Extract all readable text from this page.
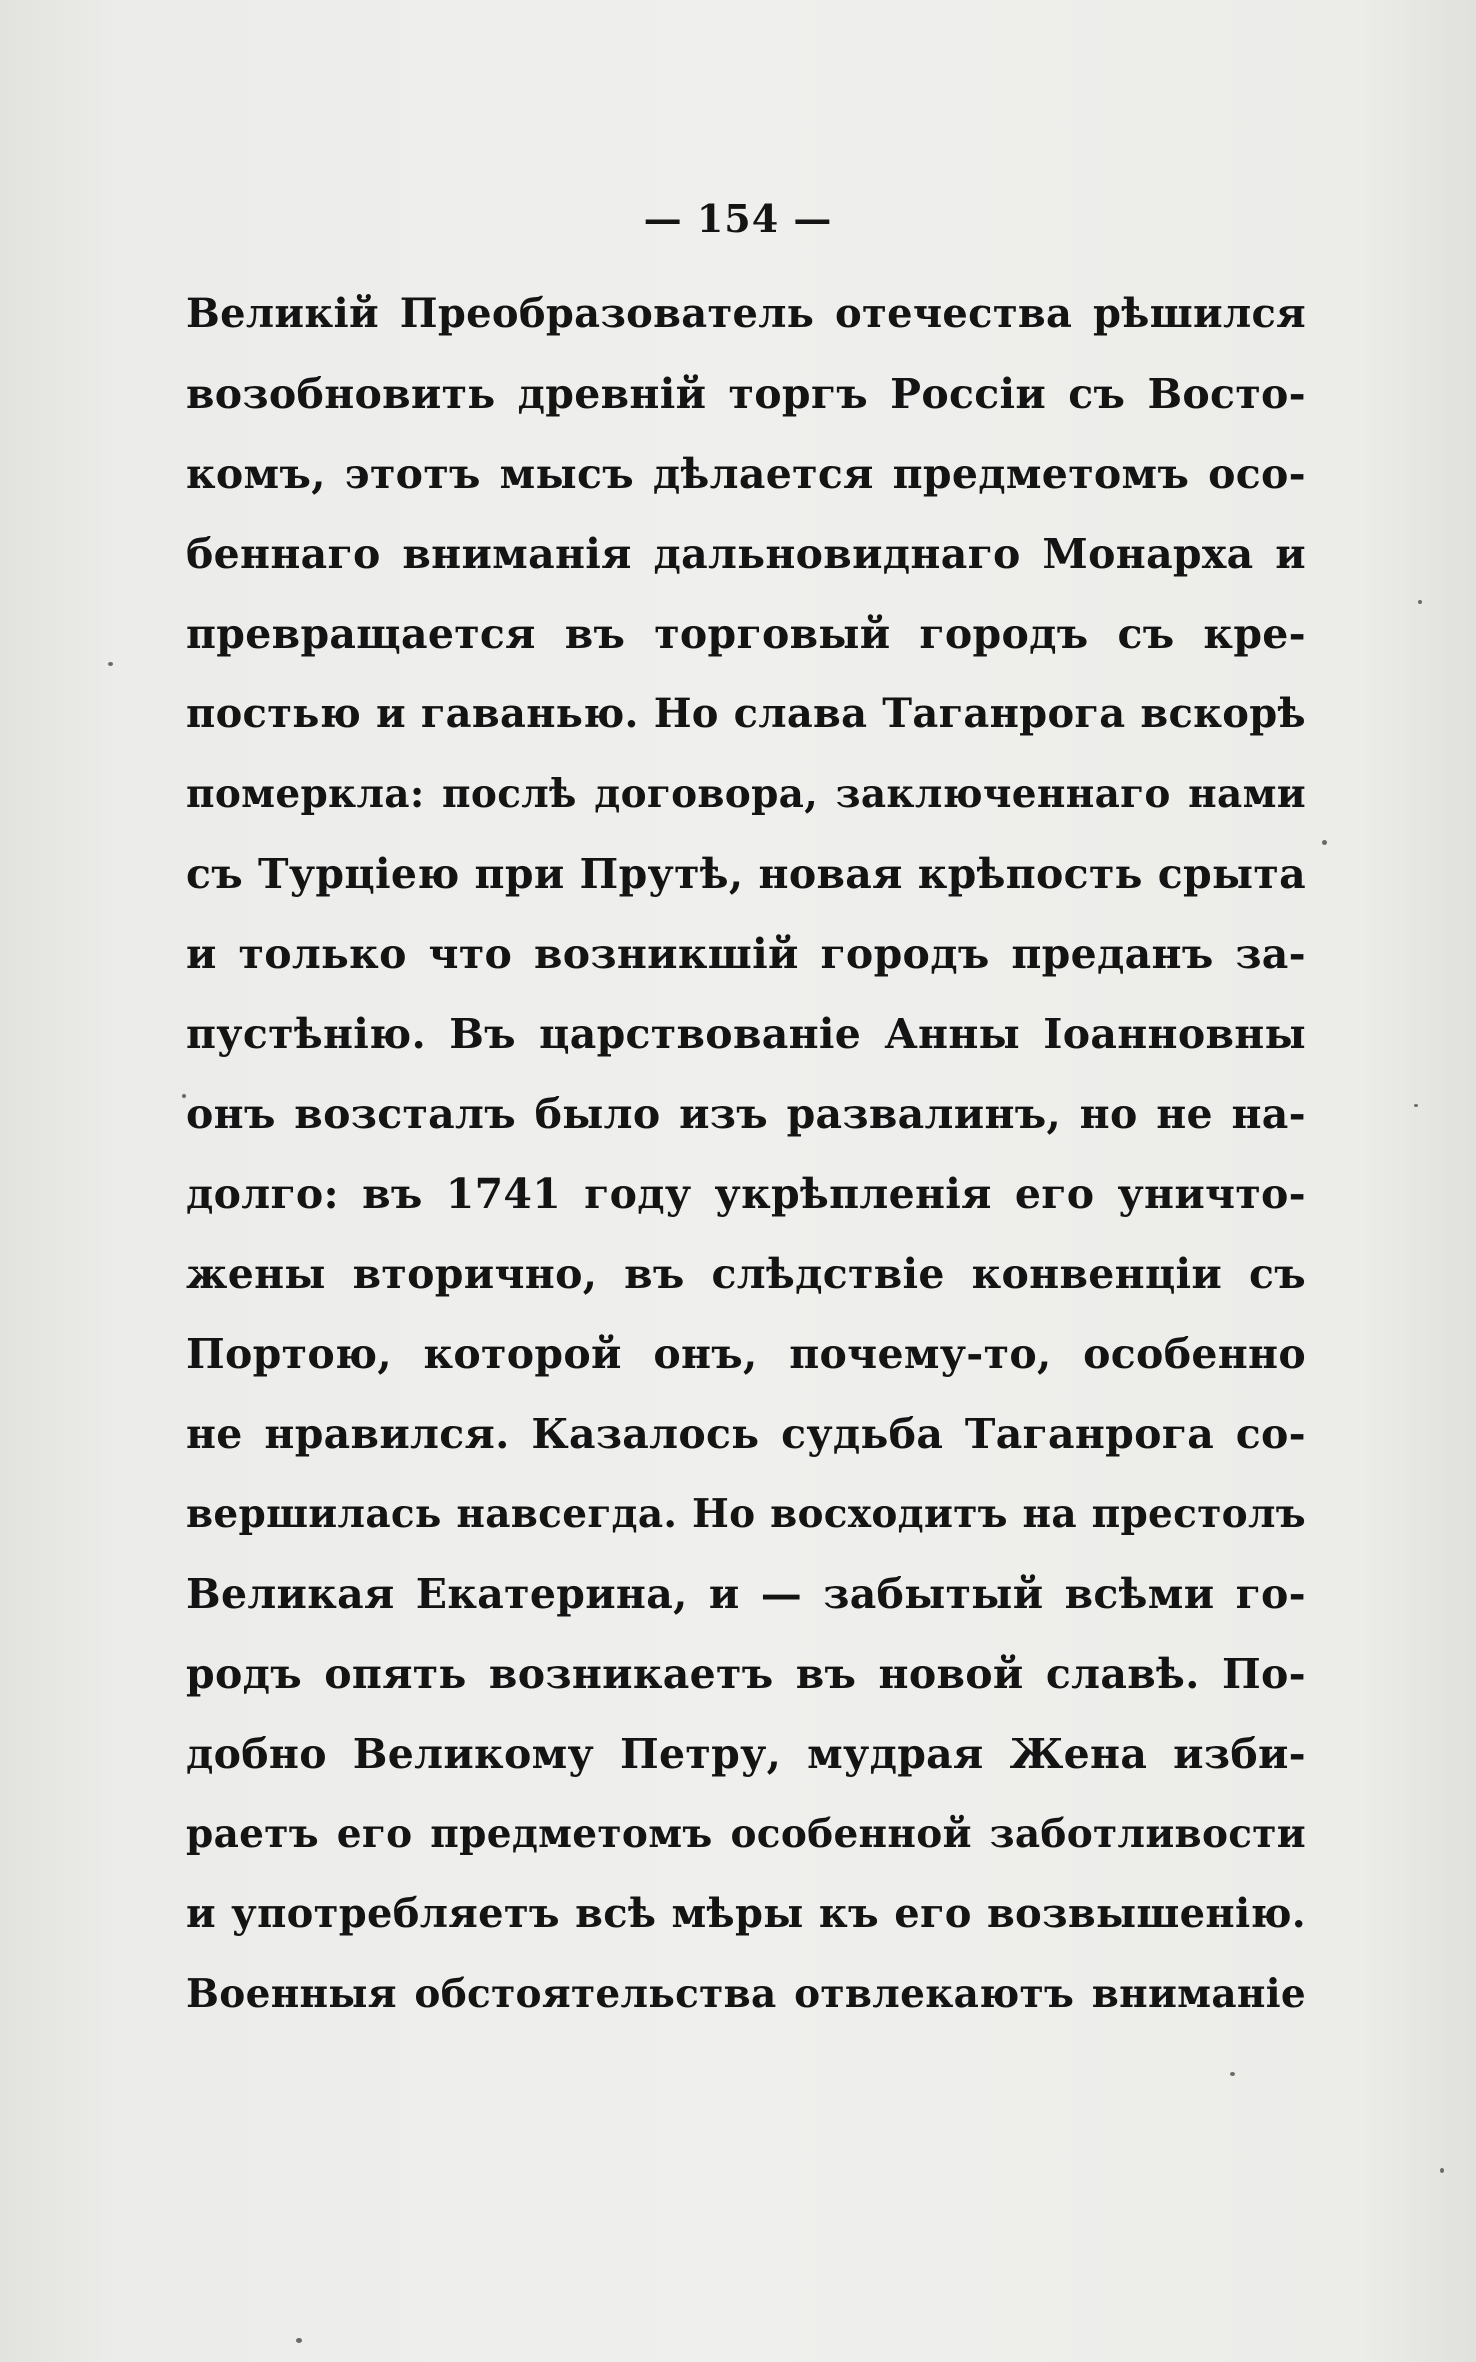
— 154 —
Великій Преобразователь отечества рѣшился
возобновить древній торгъ Россіи съ Восто-
комъ, этотъ мысъ дѣлается предметомъ осо-
беннаго вниманія дальновиднаго Монарха и
превращается въ торговый городъ съ кре-
постью и гаванью. Но слава Таганрога вскорѣ
померкла: послѣ договора, заключеннаго нами
съ Турціею при Прутѣ, новая крѣпость срыта
и только что возникшій городъ преданъ за-
пустѣнію. Въ царствованіе Анны Іоанновны
онъ возсталъ было изъ развалинъ, но не на-
долго: въ 1741 году укрѣпленія его уничто-
жены вторично, въ слѣдствіе конвенціи съ
Портою, которой онъ, почему-то, особенно
не нравился. Казалось судьба Таганрога со-
вершилась навсегда. Но восходитъ на престолъ
Великая Екатерина, и — забытый всѣми го-
родъ опять возникаетъ въ новой славѣ. По-
добно Великому Петру, мудрая Жена изби-
раетъ его предметомъ особенной заботливости
и употребляетъ всѣ мѣры къ его возвышенію.
Военныя обстоятельства отвлекаютъ вниманіе
